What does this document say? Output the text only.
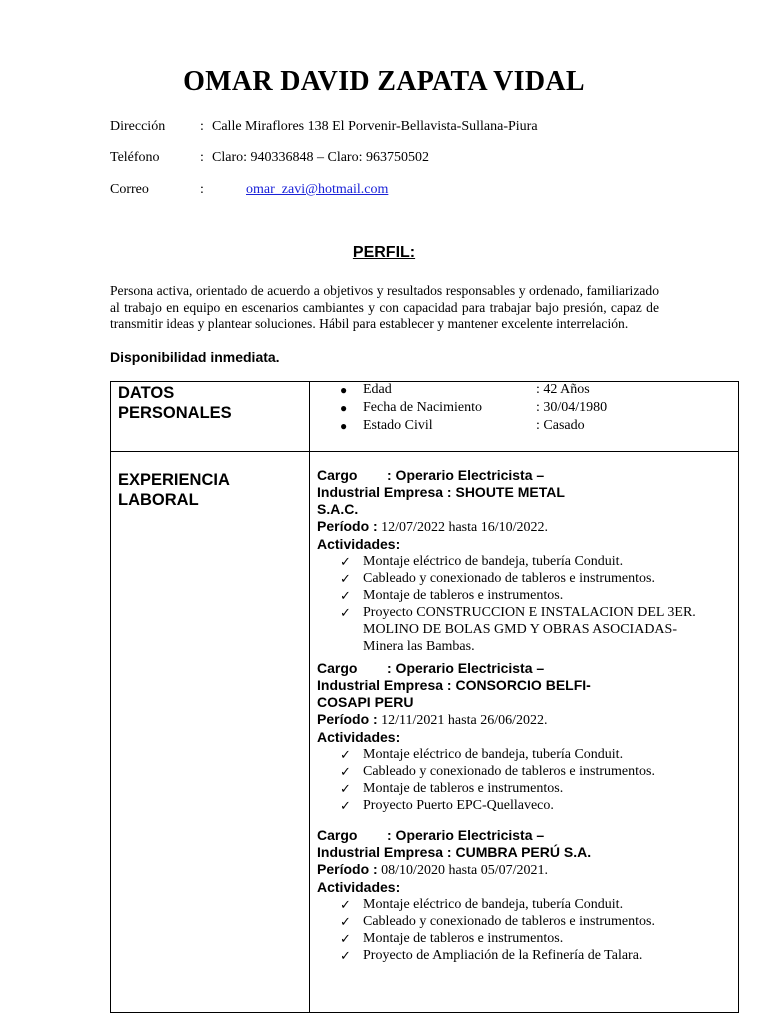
OMAR DAVID ZAPATA VIDAL
Dirección : Calle Miraflores 138 El Porvenir-Bellavista-Sullana-Piura
Teléfono	: Claro: 940336848 – Claro: 963750502
Correo	:	omar_zavi@hotmail.com
PERFIL:
Persona activa, orientado de acuerdo a objetivos y resultados responsables y ordenado, familiarizado al trabajo en equipo en escenarios cambiantes y con capacidad para trabajar bajo presión, capaz de transmitir ideas y plantear soluciones. Hábil para establecer y mantener excelente interrelación.
Disponibilidad inmediata.
DATOS
PERSONALES
● Edad	: 42 Años
● Fecha de Nacimiento	: 30/04/1980
● Estado Civil	: Casado
EXPERIENCIA
LABORAL
Cargo	: Operario Electricista –
Industrial Empresa : SHOUTE METAL
S.A.C.
Período : 12/07/2022 hasta 16/10/2022.
Actividades:
✓ Montaje eléctrico de bandeja, tubería Conduit.
✓ Cableado y conexionado de tableros e instrumentos.
✓ Montaje de tableros e instrumentos.
✓ Proyecto CONSTRUCCION E INSTALACION DEL 3ER. MOLINO DE BOLAS GMD Y OBRAS ASOCIADAS-Minera las Bambas.
Cargo	: Operario Electricista –
Industrial Empresa : CONSORCIO BELFI-
COSAPI PERU
Período : 12/11/2021 hasta 26/06/2022.
Actividades:
✓ Montaje eléctrico de bandeja, tubería Conduit.
✓ Cableado y conexionado de tableros e instrumentos.
✓ Montaje de tableros e instrumentos.
✓ Proyecto Puerto EPC-Quellaveco.
Cargo	: Operario Electricista –
Industrial Empresa : CUMBRA PERÚ S.A.
Período : 08/10/2020 hasta 05/07/2021.
Actividades:
✓ Montaje eléctrico de bandeja, tubería Conduit.
✓ Cableado y conexionado de tableros e instrumentos.
✓ Montaje de tableros e instrumentos.
✓ Proyecto de Ampliación de la Refinería de Talara.
